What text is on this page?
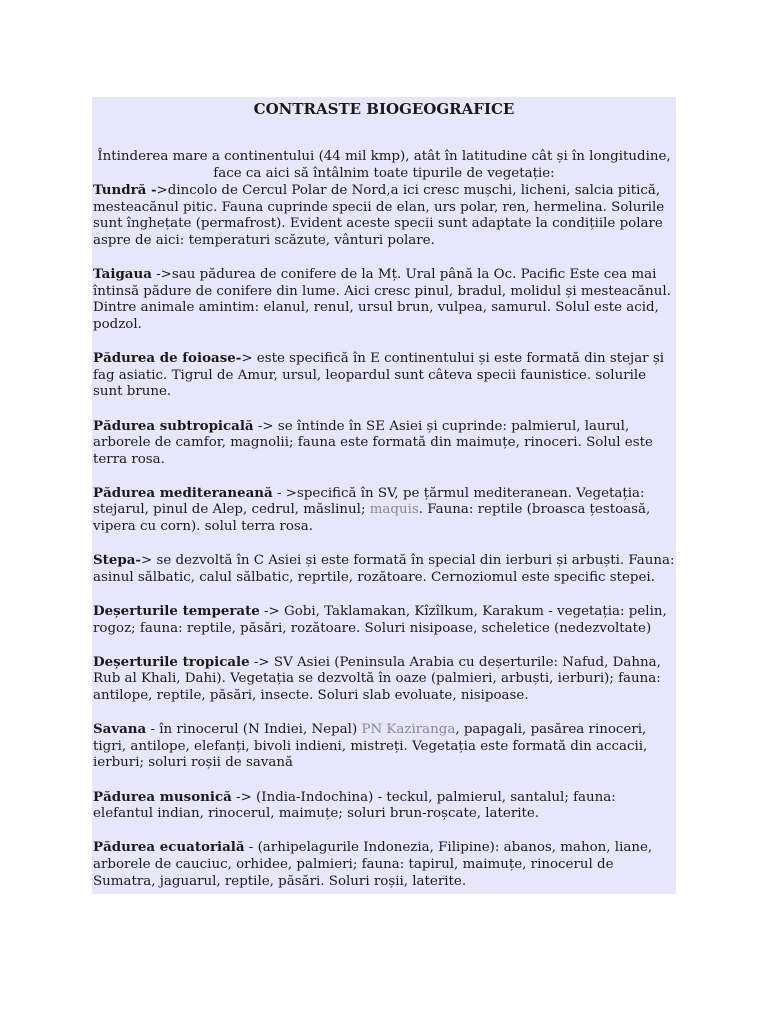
CONTRASTE BIOGEOGRAFICE

Întinderea mare a continentului (44 mil kmp), atât în latitudine cât și în longitudine, face ca aici să întâlnim toate tipurile de vegetație:

Tundră ->dincolo de Cercul Polar de Nord,a ici cresc mușchi, licheni, salcia pitică, mesteacănul pitic. Fauna cuprinde specii de elan, urs polar, ren, hermelina. Solurile sunt înghețate (permafrost). Evident aceste specii sunt adaptate la condițiile polare aspre de aici: temperaturi scăzute, vânturi polare.

Taigaua ->sau pădurea de conifere de la Mț. Ural până la Oc. Pacific Este cea mai întinsă pădure de conifere din lume. Aici cresc pinul, bradul, molidul și mesteacănul. Dintre animale amintim: elanul, renul, ursul brun, vulpea, samurul. Solul este acid, podzol.

Pădurea de foioase-> este specifică în E continentului și este formată din stejar și fag asiatic. Tigrul de Amur, ursul, leopardul sunt câteva specii faunistice. solurile sunt brune.

Pădurea subtropicală -> se întinde în SE Asiei și cuprinde: palmierul, laurul, arborele de camfor, magnolii; fauna este formată din maimuțe, rinoceri. Solul este terra rosa.

Pădurea mediteraneană - >specifică în SV, pe țărmul mediteranean. Vegetația: stejarul, pinul de Alep, cedrul, măslinul; maquis. Fauna: reptile (broasca țestoasă, vipera cu corn). solul terra rosa.

Stepa-> se dezvoltă în C Asiei și este formată în special din ierburi și arbuști. Fauna: asinul sălbatic, calul sălbatic, reprtile, rozătoare. Cernoziomul este specific stepei.

Deșerturile temperate -> Gobi, Taklamakan, Kîzîlkum, Karakum - vegetația: pelin, rogoz; fauna: reptile, păsări, rozătoare. Soluri nisipoase, scheletice (nedezvoltate)

Deșerturile tropicale -> SV Asiei (Peninsula Arabia cu deșerturile: Nafud, Dahna, Rub al Khali, Dahi). Vegetația se dezvoltă în oaze (palmieri, arbuști, ierburi); fauna: antilope, reptile, păsări, insecte. Soluri slab evoluate, nisipoase.

Savana - în rinocerul (N Indiei, Nepal) PN Kaziranga, papagali, pasărea rinoceri, tigri, antilope, elefanți, bivoli indieni, mistreți. Vegetația este formată din accacii, ierburi; soluri roșii de savană

Pădurea musonică -> (India-Indochina) - teckul, palmierul, santalul; fauna: elefantul indian, rinocerul, maimuțe; soluri brun-roșcate, laterite.

Pădurea ecuatorială - (arhipelagurile Indonezia, Filipine): abanos, mahon, liane, arborele de cauciuc, orhidee, palmieri; fauna: tapirul, maimuțe, rinocerul de Sumatra, jaguarul, reptile, păsări. Soluri roșii, laterite.
